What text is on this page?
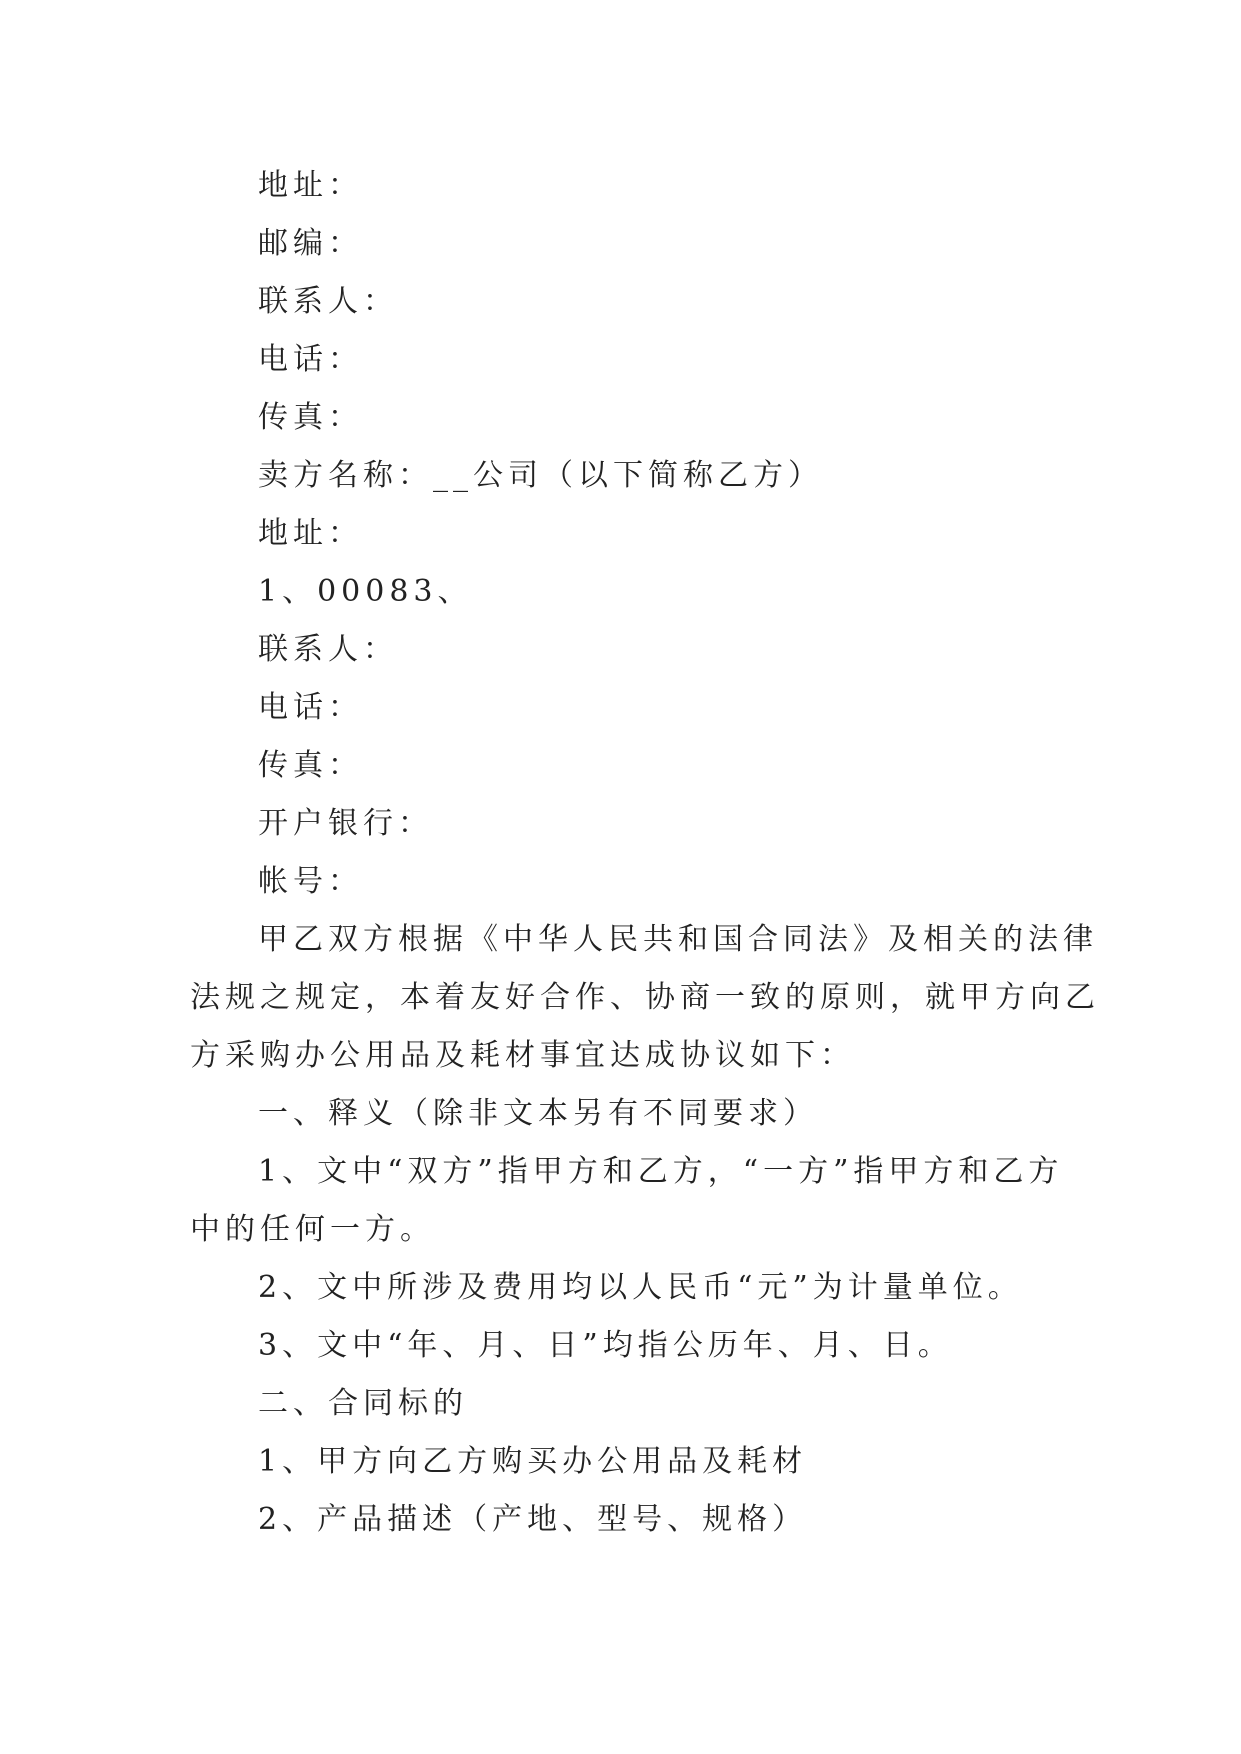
地址：
邮编：
联系人：
电话：
传真：
卖方名称：__公司（以下简称乙方）
地址：
1、00083、
联系人：
电话：
传真：
开户银行：
帐号：
甲乙双方根据《中华人民共和国合同法》及相关的法律
法规之规定，本着友好合作、协商一致的原则，就甲方向乙
方采购办公用品及耗材事宜达成协议如下：
一、释义（除非文本另有不同要求）
1、文中“双方”指甲方和乙方，“一方”指甲方和乙方
中的任何一方。
2、文中所涉及费用均以人民币“元”为计量单位。
3、文中“年、月、日”均指公历年、月、日。
二、合同标的
1、甲方向乙方购买办公用品及耗材
2、产品描述（产地、型号、规格）
